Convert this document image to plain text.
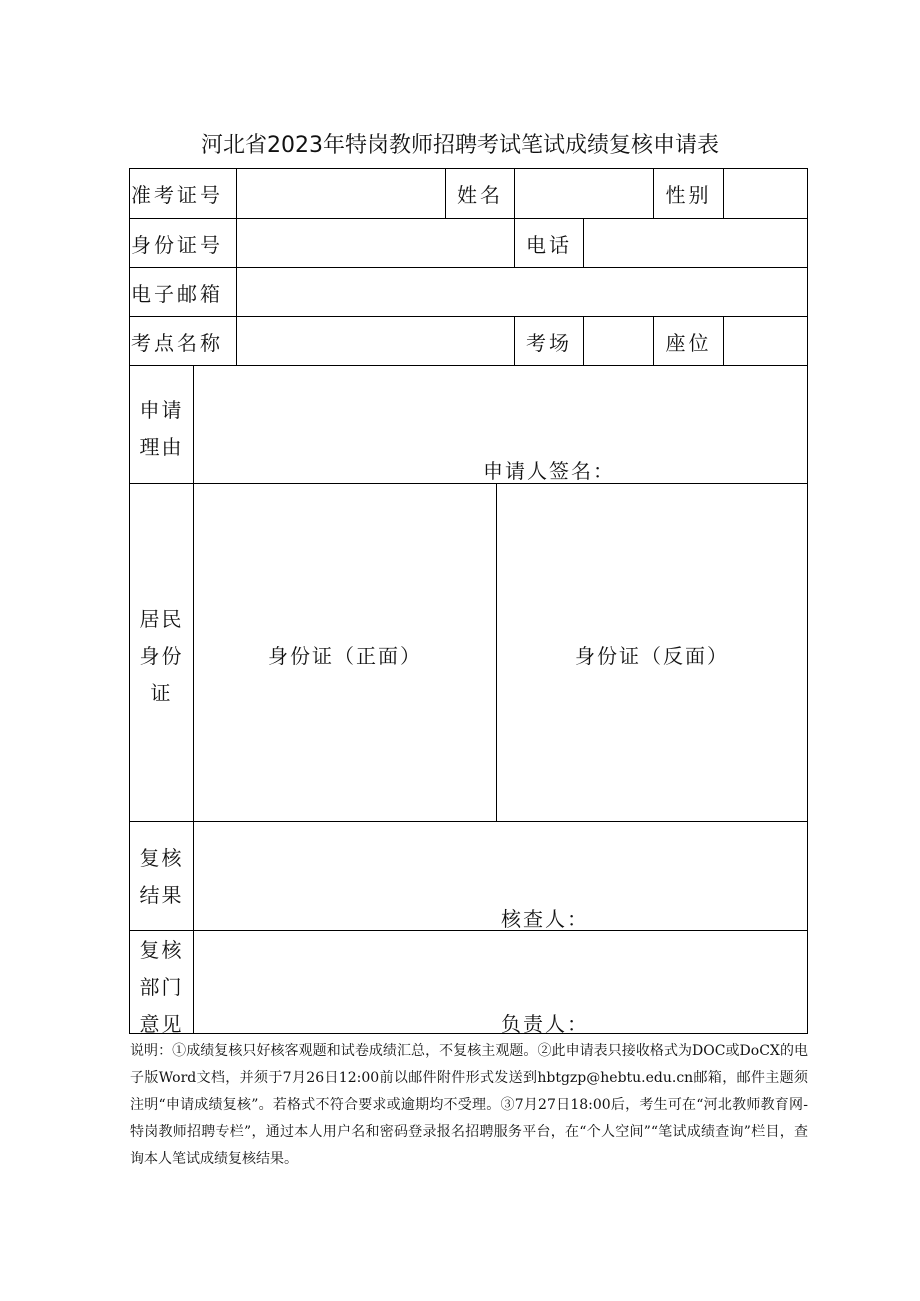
河北省2023年特岗教师招聘考试笔试成绩复核申请表
准考证号	姓名	性别
身份证号	电话
电子邮箱
考点名称	考场	座位
申请
理由
申请人签名：
居民
身份
证
身份证（正面）	身份证（反面）
复核
结果
核查人：
复核
部门
意见	负责人：
说明：①成绩复核只好核客观题和试卷成绩汇总，不复核主观题。②此申请表只接收格式为DOC或DoCX的电子版Word文档，并须于7月26日12:00前以邮件附件形式发送到hbtgzp@hebtu.edu.cn邮箱，邮件主题须注明“申请成绩复核”。若格式不符合要求或逾期均不受理。③7月27日18:00后，考生可在“河北教师教育网-特岗教师招聘专栏”，通过本人用户名和密码登录报名招聘服务平台，在“个人空间”“笔试成绩查询”栏目，查询本人笔试成绩复核结果。
